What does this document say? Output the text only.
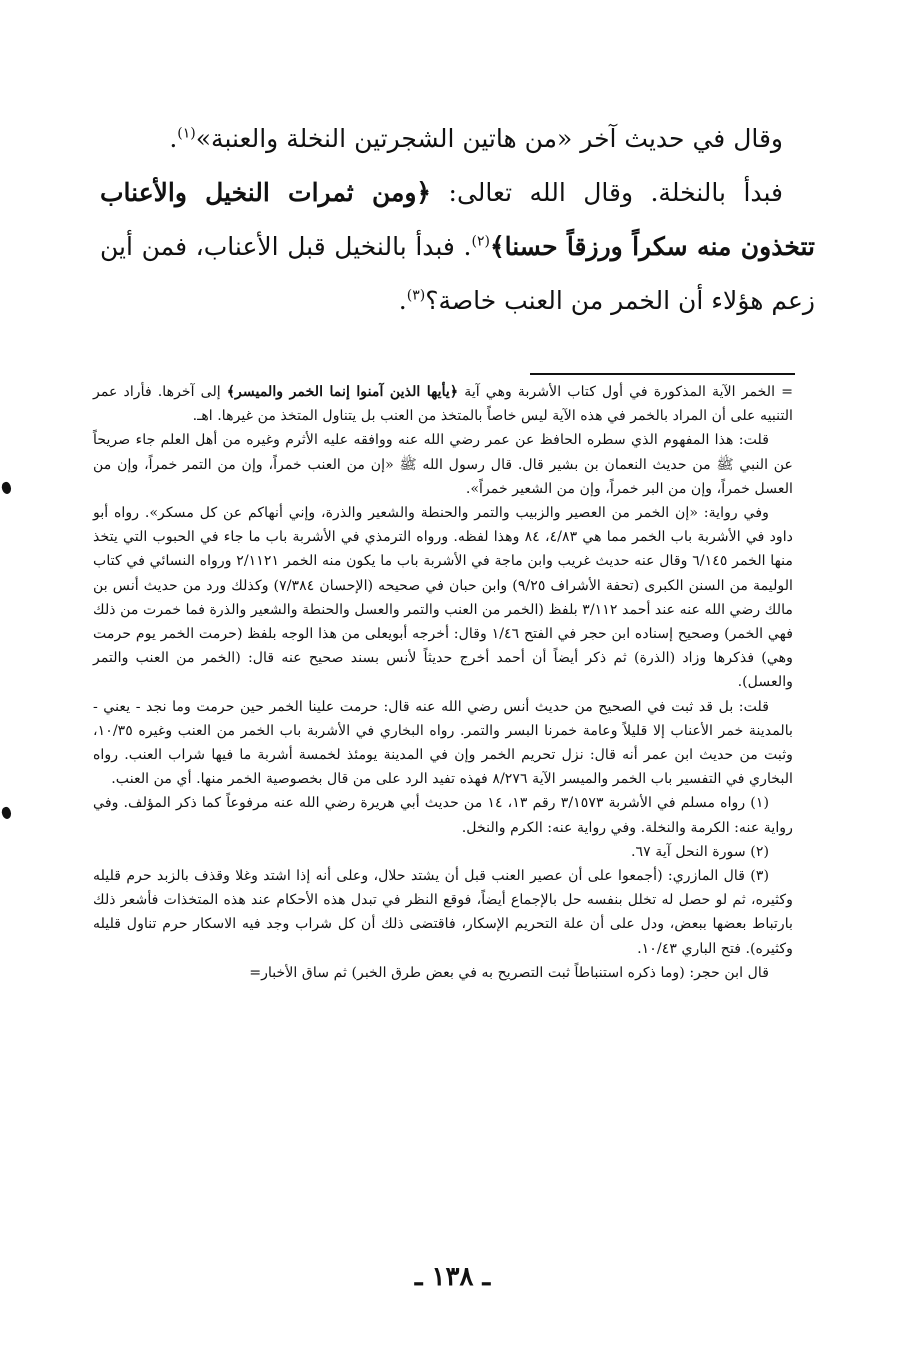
وقال في حديث آخر «من هاتين الشجرتين النخلة والعنبة»$^{(١)}$.

فبدأ بالنخلة. وقال الله تعالى: ﴿ومن ثمرات النخيل والأعناب تتخذون منه سكراً ورزقاً حسنا﴾$^{(٢)}$. فبدأ بالنخيل قبل الأعناب، فمن أين زعم هؤلاء أن الخمر من العنب خاصة؟$^{(٣)}$.

= الخمر الآية المذكورة في أول كتاب الأشربة وهي آية ﴿يأيها الذين آمنوا إنما الخمر والميسر﴾ إلى آخرها. فأراد عمر التنبيه على أن المراد بالخمر في هذه الآية ليس خاصاً بالمتخذ من العنب بل يتناول المتخذ من غيرها. اهـ.

قلت: هذا المفهوم الذي سطره الحافظ عن عمر رضي الله عنه ووافقه عليه الأثرم وغيره من أهل العلم جاء صريحاً عن النبي ﷺ من حديث النعمان بن بشير قال. قال رسول الله ﷺ «إن من العنب خمراً، وإن من التمر خمراً، وإن من العسل خمراً، وإن من البر خمراً، وإن من الشعير خمراً».

وفي رواية: «إن الخمر من العصير والزبيب والتمر والحنطة والشعير والذرة، وإني أنهاكم عن كل مسكر». رواه أبو داود في الأشربة باب الخمر مما هي ٤/٨٣، ٨٤ وهذا لفظه. ورواه الترمذي في الأشربة باب ما جاء في الحبوب التي يتخذ منها الخمر ٦/١٤٥ وقال عنه حديث غريب وابن ماجة في الأشربة باب ما يكون منه الخمر ٢/١١٢١ ورواه النسائي في كتاب الوليمة من السنن الكبرى (تحفة الأشراف ٩/٢٥) وابن حبان في صحيحه (الإحسان ٧/٣٨٤) وكذلك ورد من حديث أنس بن مالك رضي الله عنه عند أحمد ٣/١١٢ بلفظ (الخمر من العنب والتمر والعسل والحنطة والشعير والذرة فما خمرت من ذلك فهي الخمر) وصحيح إسناده ابن حجر في الفتح ١/٤٦ وقال: أخرجه أبويعلى من هذا الوجه بلفظ (حرمت الخمر يوم حرمت وهي) فذكرها وزاد (الذرة) ثم ذكر أيضاً أن أحمد أخرج حديثاً لأنس بسند صحيح عنه قال: (الخمر من العنب والتمر والعسل).

قلت: بل قد ثبت في الصحيح من حديث أنس رضي الله عنه قال: حرمت علينا الخمر حين حرمت وما نجد - يعني - بالمدينة خمر الأعناب إلا قليلاً وعامة خمرنا البسر والتمر. رواه البخاري في الأشربة باب الخمر من العنب وغيره ١٠/٣٥، وثبت من حديث ابن عمر أنه قال: نزل تحريم الخمر وإن في المدينة يومئذ لخمسة أشربة ما فيها شراب العنب. رواه البخاري في التفسير باب الخمر والميسر الآية ٨/٢٧٦ فهذه تفيد الرد على من قال بخصوصية الخمر منها. أي من العنب.

(١) رواه مسلم في الأشربة ٣/١٥٧٣ رقم ١٣، ١٤ من حديث أبي هريرة رضي الله عنه مرفوعاً كما ذكر المؤلف. وفي رواية عنه: الكرمة والنخلة. وفي رواية عنه: الكرم والنخل.

(٢) سورة النحل آية ٦٧.

(٣) قال المازري: (أجمعوا على أن عصير العنب قبل أن يشتد حلال، وعلى أنه إذا اشتد وغلا وقذف بالزبد حرم قليله وكثيره، ثم لو حصل له تخلل بنفسه حل بالإجماع أيضاً، فوقع النظر في تبدل هذه الأحكام عند هذه المتخذات فأشعر ذلك بارتباط بعضها ببعض، ودل على أن علة التحريم الإسكار، فاقتضى ذلك أن كل شراب وجد فيه الاسكار حرم تناول قليله وكثيره). فتح الباري ١٠/٤٣.

قال ابن حجر: (وما ذكره استنباطاً ثبت التصريح به في بعض طرق الخبر) ثم ساق الأخبار=

ـ ١٣٨ ـ
